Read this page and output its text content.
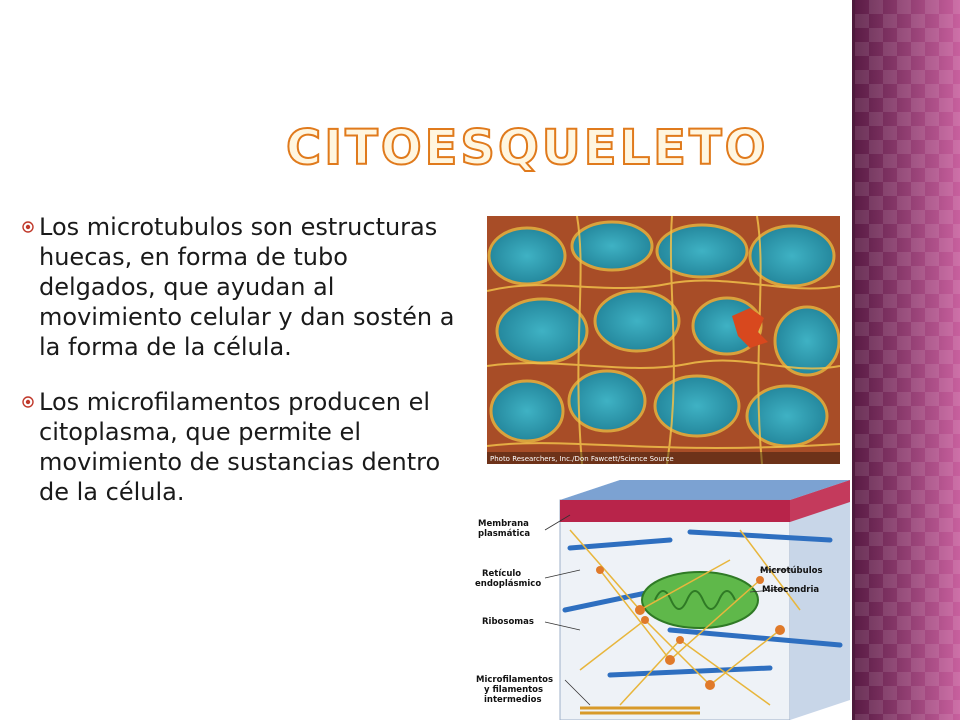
CITOESQUELETO
Los microtubulos son estructuras huecas, en forma de tubo delgados, que ayudan al movimiento celular y dan sostén a la forma de la célula.
Los microfilamentos producen el citoplasma, que permite el movimiento de sustancias dentro de la célula.
Photo Researchers, Inc./Don Fawcett/Science Source
Membrana
plasmática
Retículo
endoplásmico
Ribosomas
Microfilamentos
y filamentos
intermedios
Microtúbulos
Mitocondria
